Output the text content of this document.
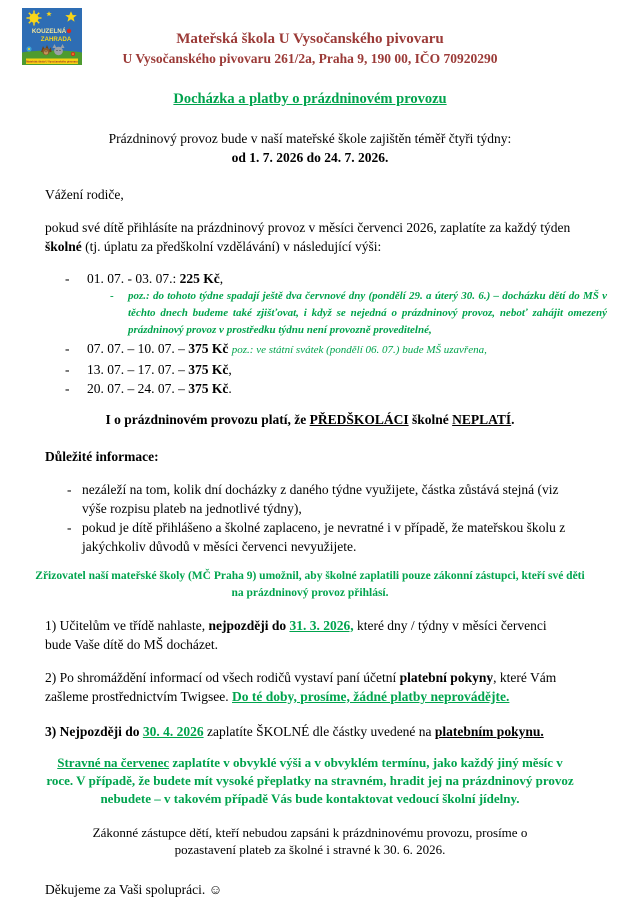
KOUZELNÁ
ZAHRADA
Mateřská škola U Vysočanského pivovaru
Mateřská škola U Vysočanského pivovaru
U Vysočanského pivovaru 261/2a, Praha 9, 190 00, IČO 70920290
Docházka a platby o prázdninovém provozu

Prázdninový provoz bude v naší mateřské škole zajištěn téměř čtyři týdny:
od 1. 7. 2026 do 24. 7. 2026.

Vážení rodiče,

pokud své dítě přihlásíte na prázdninový provoz v měsíci červenci 2026, zaplatíte za každý týden školné (tj. úplatu za předškolní vzdělávání) v následující výši:

-	01. 07. - 03. 07.: 225 Kč,
-	poz.: do tohoto týdne spadají ještě dva červnové dny (pondělí 29. a úterý 30. 6.) – docházku dětí do MŠ v těchto dnech budeme také zjišťovat, i když se nejedná o prázdninový provoz, neboť zahájit omezený prázdninový provoz v prostředku týdnu není provozně proveditelné,
-	07. 07. – 10. 07. – 375 Kč poz.: ve státní svátek (pondělí 06. 07.) bude MŠ uzavřena,
-	13. 07. – 17. 07. – 375 Kč,
-	20. 07. – 24. 07. – 375 Kč.

I o prázdninovém provozu platí, že PŘEDŠKOLÁCI školné NEPLATÍ.

Důležité informace:

- nezáleží na tom, kolik dní docházky z daného týdne využijete, částka zůstává stejná (viz výše rozpisu plateb na jednotlivé týdny),
- pokud je dítě přihlášeno a školné zaplaceno, je nevratné i v případě, že mateřskou školu z jakýchkoliv důvodů v měsíci červenci nevyužijete.

Zřizovatel naší mateřské školy (MČ Praha 9) umožnil, aby školné zaplatili pouze zákonní zástupci, kteří své děti na prázdninový provoz přihlásí.

1) Učitelům ve třídě nahlaste, nejpozději do 31. 3. 2026, které dny / týdny v měsíci červenci bude Vaše dítě do MŠ docházet.

2) Po shromáždění informací od všech rodičů vystaví paní účetní platební pokyny, které Vám zašleme prostřednictvím Twigsee. Do té doby, prosíme, žádné platby neprovádějte.

3) Nejpozději do 30. 4. 2026 zaplatíte ŠKOLNÉ dle částky uvedené na platebním pokynu.

Stravné na červenec zaplatíte v obvyklé výši a v obvyklém termínu, jako každý jiný měsíc v roce. V případě, že budete mít vysoké přeplatky na stravném, hradit jej na prázdninový provoz nebudete – v takovém případě Vás bude kontaktovat vedoucí školní jídelny.

Zákonné zástupce dětí, kteří nebudou zapsáni k prázdninovému provozu, prosíme o pozastavení plateb za školné i stravné k 30. 6. 2026.

Děkujeme za Vaši spolupráci. ☺
